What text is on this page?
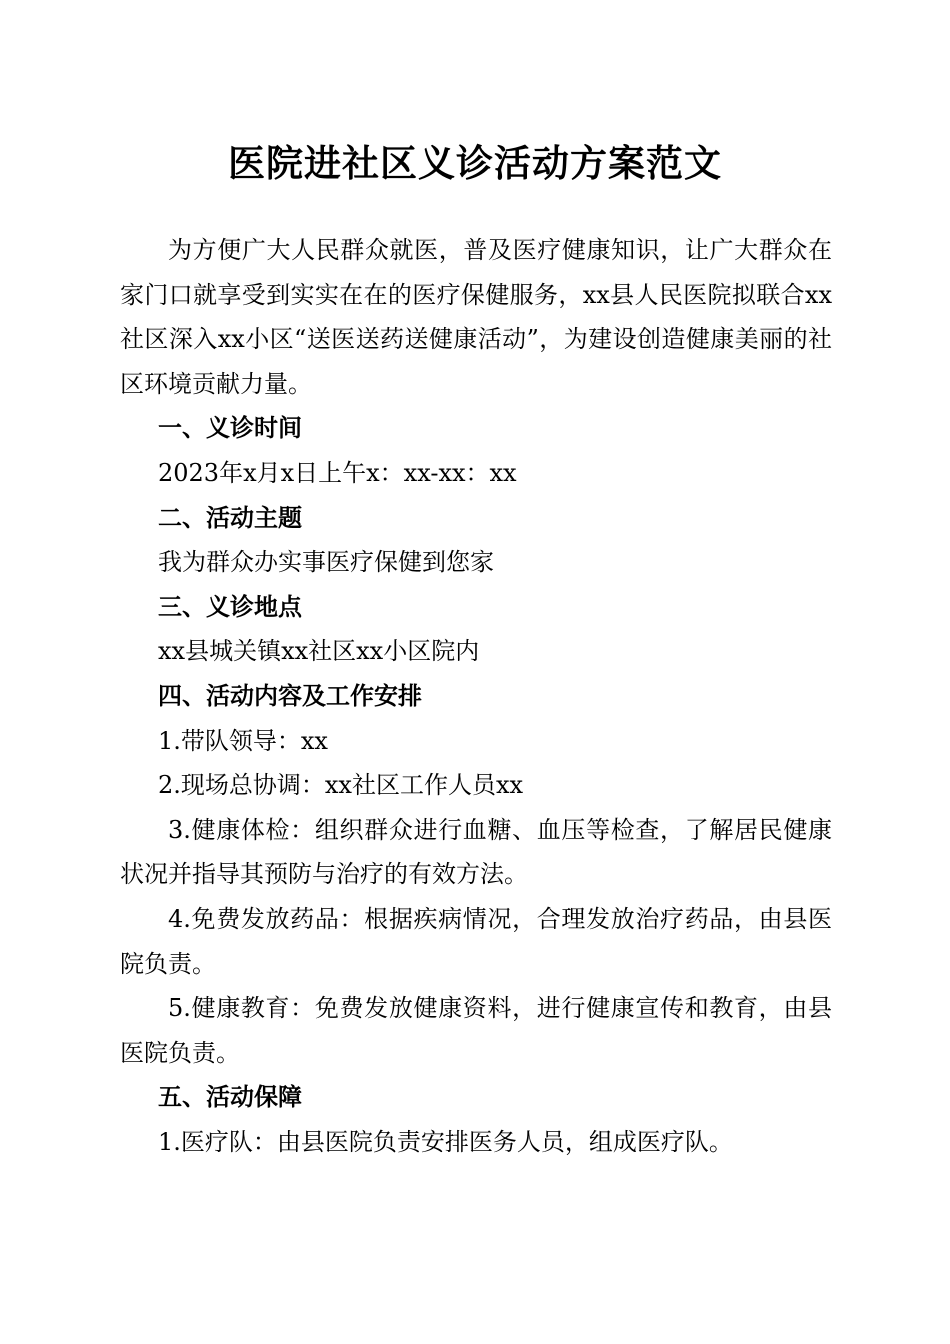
医院进社区义诊活动方案范文

为方便广大人民群众就医，普及医疗健康知识，让广大群众在家门口就享受到实实在在的医疗保健服务，xx县人民医院拟联合xx社区深入xx小区“送医送药送健康活动”，为建设创造健康美丽的社区环境贡献力量。

一、义诊时间

2023年x月x日上午x：xx-xx：xx

二、活动主题

我为群众办实事医疗保健到您家

三、义诊地点

xx县城关镇xx社区xx小区院内

四、活动内容及工作安排

1.带队领导：xx

2.现场总协调：xx社区工作人员xx

3.健康体检：组织群众进行血糖、血压等检查，了解居民健康状况并指导其预防与治疗的有效方法。

4.免费发放药品：根据疾病情况，合理发放治疗药品，由县医院负责。

5.健康教育：免费发放健康资料，进行健康宣传和教育，由县医院负责。

五、活动保障

1.医疗队：由县医院负责安排医务人员，组成医疗队。
